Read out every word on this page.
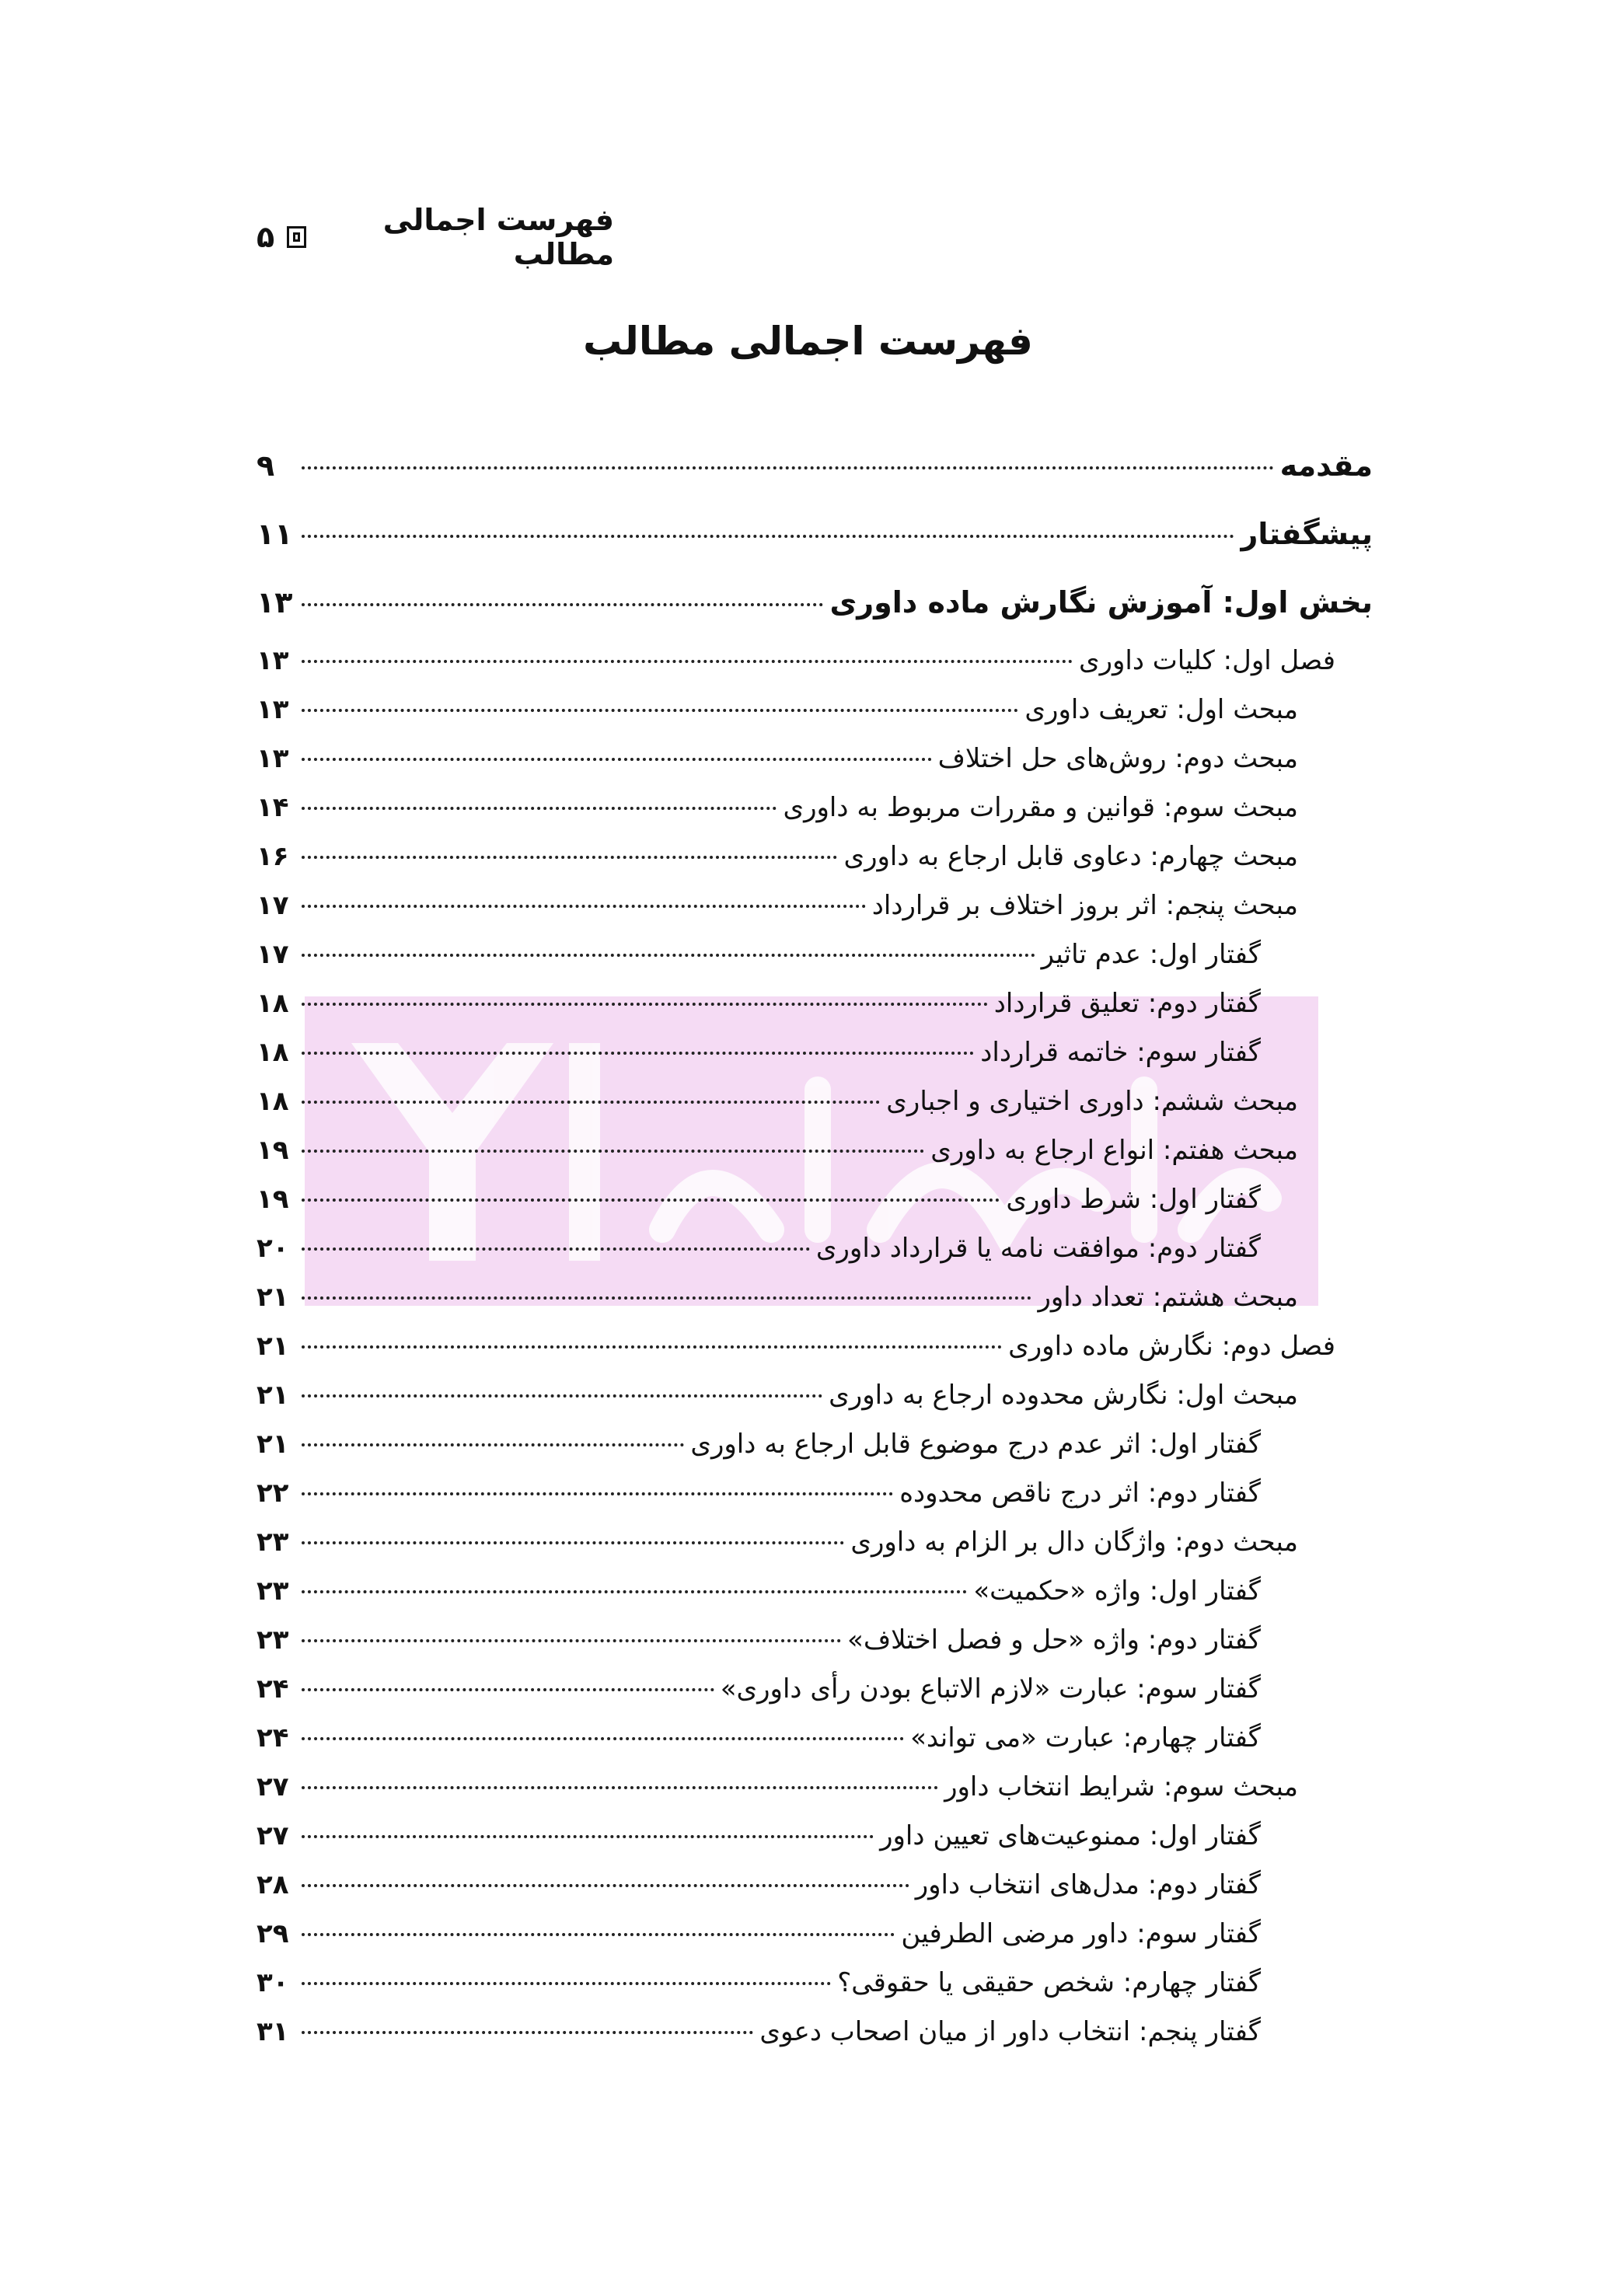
فهرست اجمالی مطالب
۵
فهرست اجمالی مطالب
مقدمه
۹
پیشگفتار
۱۱
بخش اول: آموزش نگارش ماده داوری
۱۳
فصل اول: کلیات داوری
۱۳
مبحث اول: تعریف داوری
۱۳
مبحث دوم: روش‌های حل اختلاف
۱۳
مبحث سوم: قوانین و مقررات مربوط به داوری
۱۴
مبحث چهارم: دعاوی قابل ارجاع به داوری
۱۶
مبحث پنجم: اثر بروز اختلاف بر قرارداد
۱۷
گفتار اول: عدم تاثیر
۱۷
گفتار دوم: تعلیق قرارداد
۱۸
گفتار سوم: خاتمه قرارداد
۱۸
مبحث ششم: داوری اختیاری و اجباری
۱۸
مبحث هفتم: انواع ارجاع به داوری
۱۹
گفتار اول: شرط داوری
۱۹
گفتار دوم: موافقت نامه یا قرارداد داوری
۲۰
مبحث هشتم: تعداد داور
۲۱
فصل دوم: نگارش ماده داوری
۲۱
مبحث اول: نگارش محدوده ارجاع به داوری
۲۱
گفتار اول: اثر عدم درج موضوع قابل ارجاع به داوری
۲۱
گفتار دوم: اثر درج ناقص محدوده
۲۲
مبحث دوم: واژگان دال بر الزام به داوری
۲۳
گفتار اول: واژه «حکمیت»
۲۳
گفتار دوم: واژه «حل و فصل اختلاف»
۲۳
گفتار سوم: عبارت «لازم الاتباع بودن رأی داوری»
۲۴
گفتار چهارم: عبارت «می تواند»
۲۴
مبحث سوم: شرایط انتخاب داور
۲۷
گفتار اول: ممنوعیت‌های تعیین داور
۲۷
گفتار دوم: مدل‌های انتخاب داور
۲۸
گفتار سوم: داور مرضی الطرفین
۲۹
گفتار چهارم: شخص حقیقی یا حقوقی؟
۳۰
گفتار پنجم: انتخاب داور از میان اصحاب دعوی
۳۱
